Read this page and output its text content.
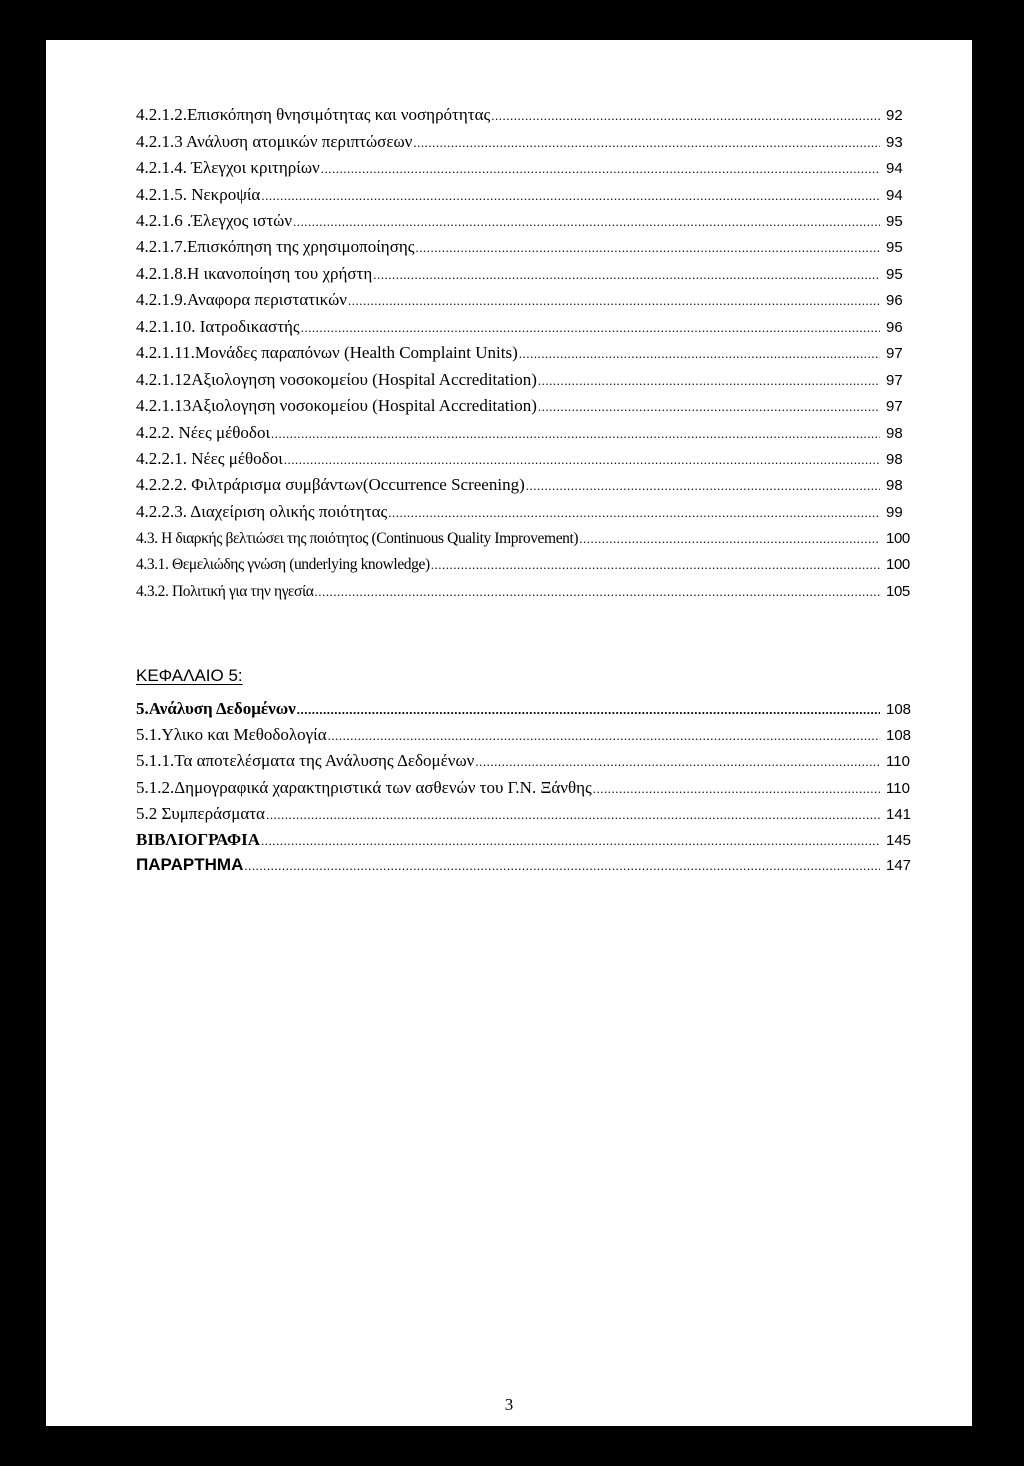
4.2.1.2.Επισκόπηση θνησιμότητας και νοσηρότητας .....	92
4.2.1.3 Ανάλυση ατομικών περιπτώσεων .....	93
4.2.1.4. Έλεγχοι κριτηρίων .....	94
4.2.1.5. Νεκροψία .....	94
4.2.1.6 .Έλεγχος ιστών .....	95
4.2.1.7.Επισκόπηση της χρησιμοποίησης .....	95
4.2.1.8.Η ικανοποίηση του χρήστη .....	95
4.2.1.9.Αναφορα περιστατικών .....	96
4.2.1.10. Ιατροδικαστής .....	96
4.2.1.11.Μονάδες παραπόνων (Health Complaint Units) .....	97
4.2.1.12Αξιολογηση νοσοκομείου (Hospital Accreditation) .....	97
4.2.1.13Αξιολογηση νοσοκομείου (Hospital Accreditation) .....	97
4.2.2. Νέες μέθοδοι .....	98
4.2.2.1. Νέες μέθοδοι .....	98
4.2.2.2. Φιλτράρισμα συμβάντων(Occurrence Screening) .....	98
4.2.2.3. Διαχείριση ολικής ποιότητας .....	99
4.3. Η διαρκής βελτιώσει της ποιότητος (Continuous Quality Improvement) .....	100
4.3.1. Θεμελιώδης γνώση (underlying knowledge) .....	100
4.3.2. Πολιτική για την ηγεσία .....	105
ΚΕΦΑΛΑΙΟ 5:
5.Ανάλυση Δεδομένων .....	108
5.1.Υλικο και Μεθοδολογία .....	108
5.1.1.Τα αποτελέσματα της Ανάλυσης Δεδομένων .....	110
5.1.2.Δημογραφικά χαρακτηριστικά των ασθενών του Γ.Ν. Ξάνθης .....	110
5.2 Συμπεράσματα .....	141
ΒΙΒΛΙΟΓΡΑΦΙΑ .....	145
ΠΑΡΑΡΤΗΜΑ .....	147
3
